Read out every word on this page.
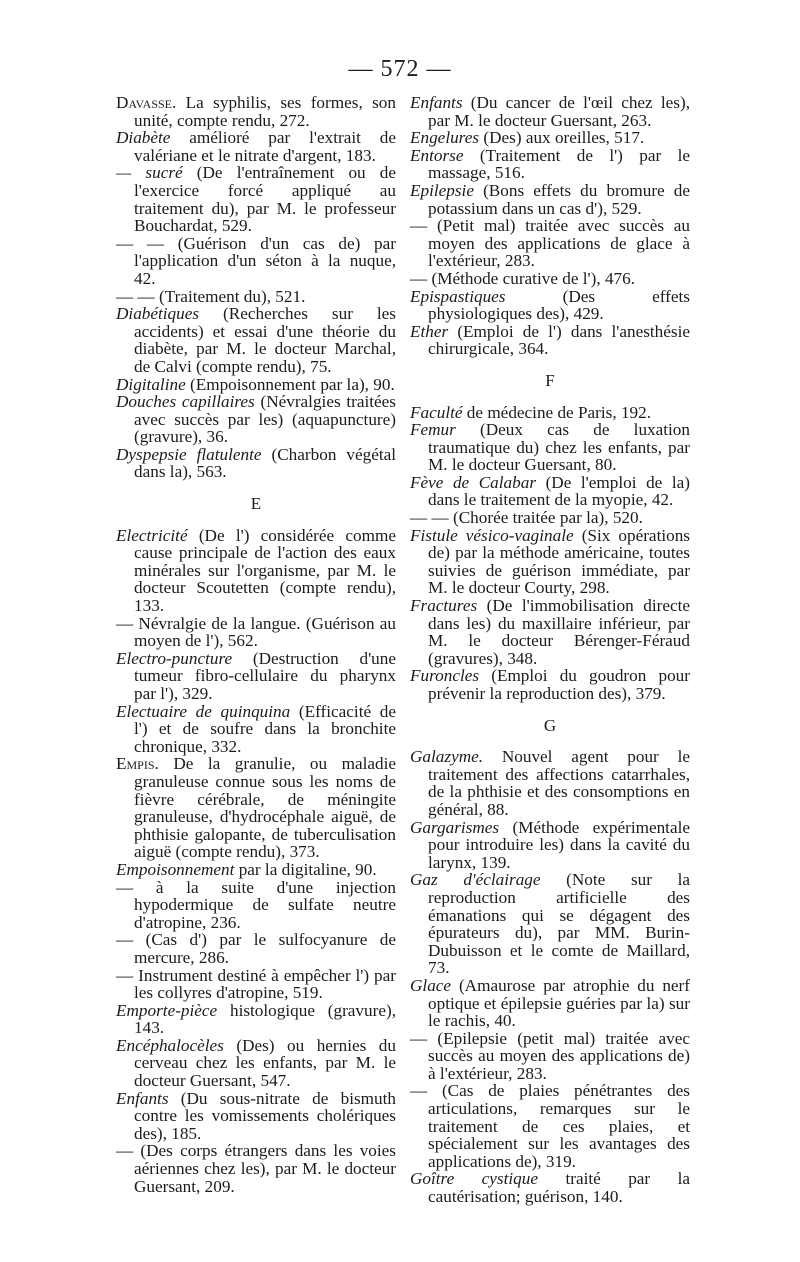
— 572 —

Davasse. La syphilis, ses formes, son unité, compte rendu, 272.

Diabète amélioré par l'extrait de valériane et le nitrate d'argent, 183.

— sucré (De l'entraînement ou de l'exercice forcé appliqué au traitement du), par M. le professeur Bouchardat, 529.

— — (Guérison d'un cas de) par l'application d'un séton à la nuque, 42.

— — (Traitement du), 521.

Diabétiques (Recherches sur les accidents) et essai d'une théorie du diabète, par M. le docteur Marchal, de Calvi (compte rendu), 75.

Digitaline (Empoisonnement par la), 90.

Douches capillaires (Névralgies traitées avec succès par les) (aquapuncture) (gravure), 36.

Dyspepsie flatulente (Charbon végétal dans la), 563.

E

Electricité (De l') considérée comme cause principale de l'action des eaux minérales sur l'organisme, par M. le docteur Scoutetten (compte rendu), 133.

— Névralgie de la langue. (Guérison au moyen de l'), 562.

Electro-puncture (Destruction d'une tumeur fibro-cellulaire du pharynx par l'), 329.

Electuaire de quinquina (Efficacité de l') et de soufre dans la bronchite chronique, 332.

Empis. De la granulie, ou maladie granuleuse connue sous les noms de fièvre cérébrale, de méningite granuleuse, d'hydrocéphale aiguë, de phthisie galopante, de tuberculisation aiguë (compte rendu), 373.

Empoisonnement par la digitaline, 90.

— à la suite d'une injection hypodermique de sulfate neutre d'atropine, 236.

— (Cas d') par le sulfocyanure de mercure, 286.

— Instrument destiné à empêcher l') par les collyres d'atropine, 519.

Emporte-pièce histologique (gravure), 143.

Encéphalocèles (Des) ou hernies du cerveau chez les enfants, par M. le docteur Guersant, 547.

Enfants (Du sous-nitrate de bismuth contre les vomissements cholériques des), 185.

— (Des corps étrangers dans les voies aériennes chez les), par M. le docteur Guersant, 209.

Enfants (Du cancer de l'œil chez les), par M. le docteur Guersant, 263.

Engelures (Des) aux oreilles, 517.

Entorse (Traitement de l') par le massage, 516.

Epilepsie (Bons effets du bromure de potassium dans un cas d'), 529.

— (Petit mal) traitée avec succès au moyen des applications de glace à l'extérieur, 283.

— (Méthode curative de l'), 476.

Epispastiques (Des effets physiologiques des), 429.

Ether (Emploi de l') dans l'anesthésie chirurgicale, 364.

F

Faculté de médecine de Paris, 192.

Femur (Deux cas de luxation traumatique du) chez les enfants, par M. le docteur Guersant, 80.

Fève de Calabar (De l'emploi de la) dans le traitement de la myopie, 42.

— — (Chorée traitée par la), 520.

Fistule vésico-vaginale (Six opérations de) par la méthode américaine, toutes suivies de guérison immédiate, par M. le docteur Courty, 298.

Fractures (De l'immobilisation directe dans les) du maxillaire inférieur, par M. le docteur Bérenger-Féraud (gravures), 348.

Furoncles (Emploi du goudron pour prévenir la reproduction des), 379.

G

Galazyme. Nouvel agent pour le traitement des affections catarrhales, de la phthisie et des consomptions en général, 88.

Gargarismes (Méthode expérimentale pour introduire les) dans la cavité du larynx, 139.

Gaz d'éclairage (Note sur la reproduction artificielle des émanations qui se dégagent des épurateurs du), par MM. Burin-Dubuisson et le comte de Maillard, 73.

Glace (Amaurose par atrophie du nerf optique et épilepsie guéries par la) sur le rachis, 40.

— (Epilepsie (petit mal) traitée avec succès au moyen des applications de) à l'extérieur, 283.

— (Cas de plaies pénétrantes des articulations, remarques sur le traitement de ces plaies, et spécialement sur les avantages des applications de), 319.

Goître cystique traité par la cautérisation; guérison, 140.
